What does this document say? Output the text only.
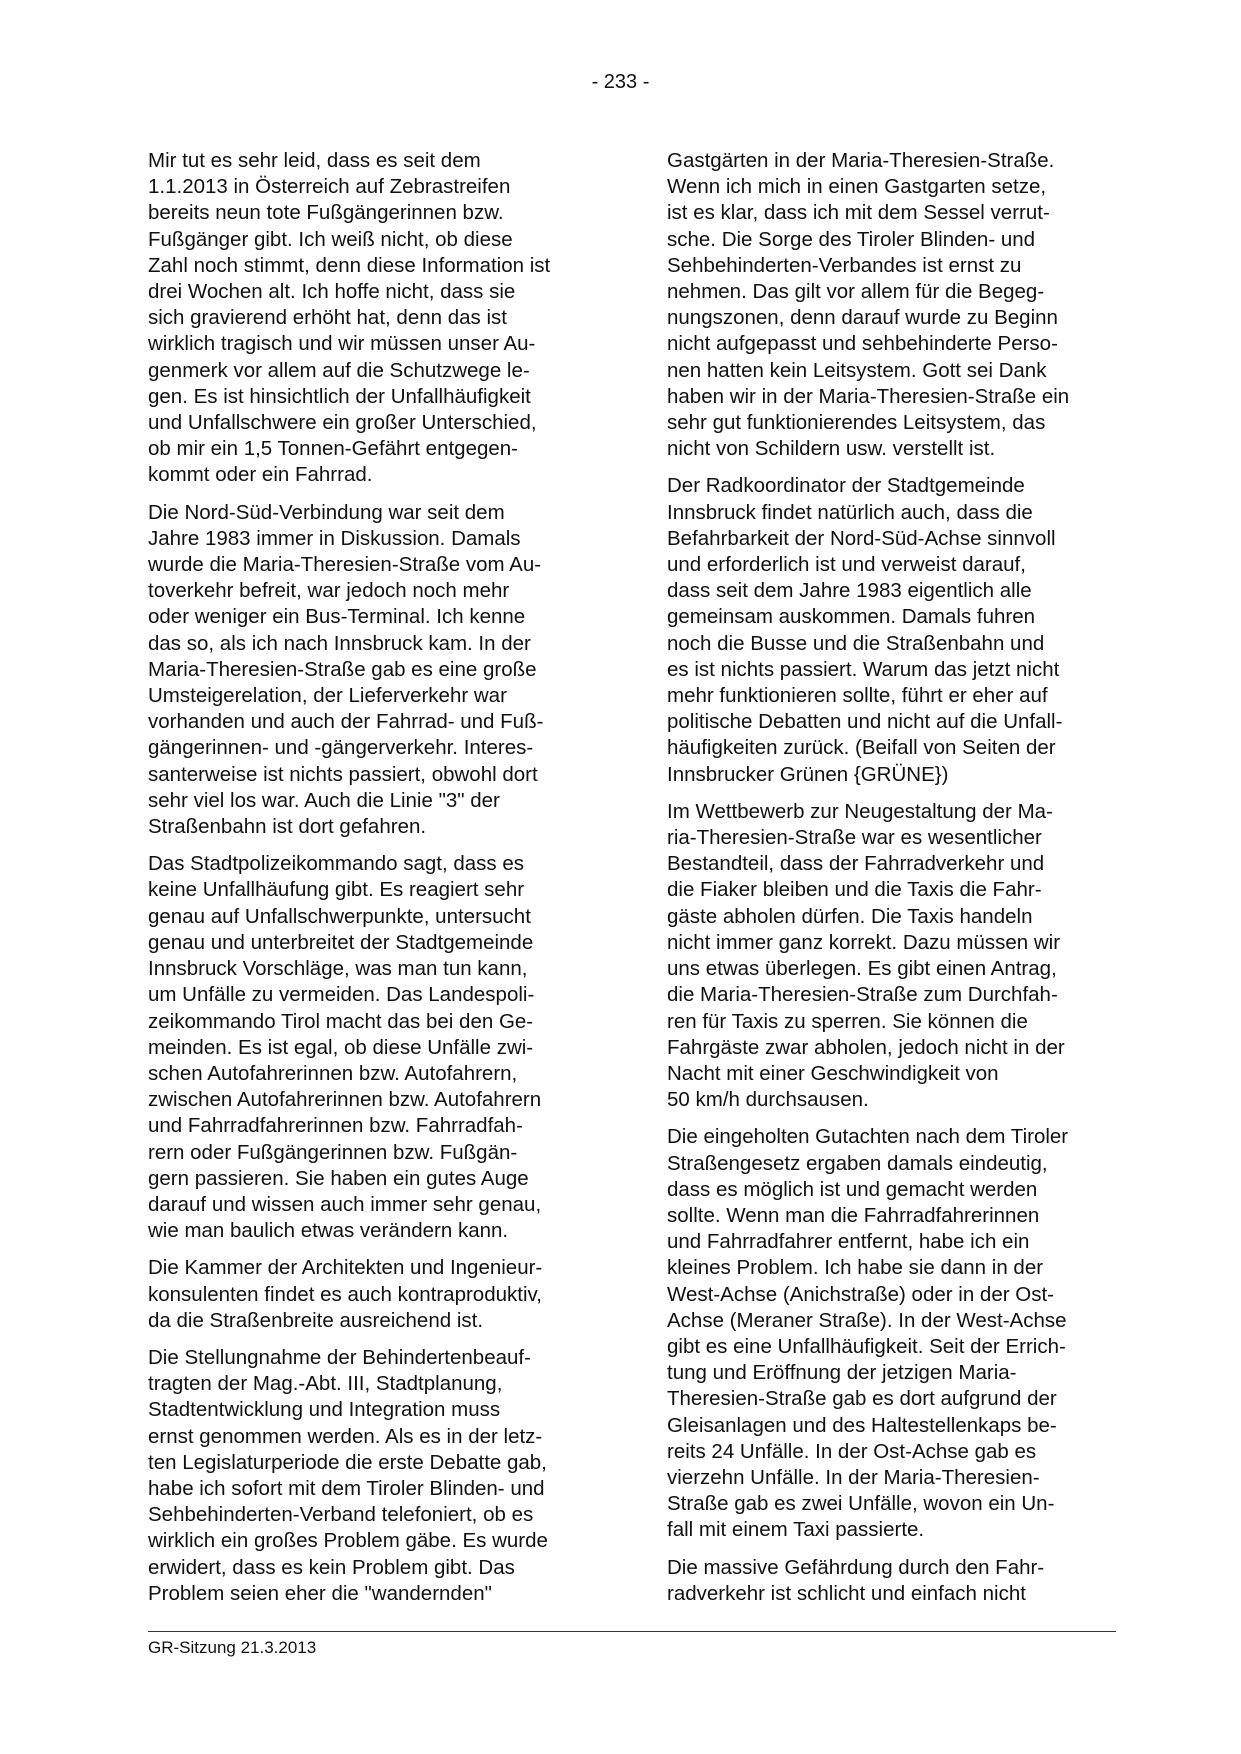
- 233 -

Mir tut es sehr leid, dass es seit dem
1.1.2013 in Österreich auf Zebrastreifen
bereits neun tote Fußgängerinnen bzw.
Fußgänger gibt. Ich weiß nicht, ob diese
Zahl noch stimmt, denn diese Information ist
drei Wochen alt. Ich hoffe nicht, dass sie
sich gravierend erhöht hat, denn das ist
wirklich tragisch und wir müssen unser Au-
genmerk vor allem auf die Schutzwege le-
gen. Es ist hinsichtlich der Unfallhäufigkeit
und Unfallschwere ein großer Unterschied,
ob mir ein 1,5 Tonnen-Gefährt entgegen-
kommt oder ein Fahrrad.

Die Nord-Süd-Verbindung war seit dem
Jahre 1983 immer in Diskussion. Damals
wurde die Maria-Theresien-Straße vom Au-
toverkehr befreit, war jedoch noch mehr
oder weniger ein Bus-Terminal. Ich kenne
das so, als ich nach Innsbruck kam. In der
Maria-Theresien-Straße gab es eine große
Umsteigerelation, der Lieferverkehr war
vorhanden und auch der Fahrrad- und Fuß-
gängerinnen- und -gängerverkehr. Interes-
santerweise ist nichts passiert, obwohl dort
sehr viel los war. Auch die Linie "3" der
Straßenbahn ist dort gefahren.

Das Stadtpolizeikommando sagt, dass es
keine Unfallhäufung gibt. Es reagiert sehr
genau auf Unfallschwerpunkte, untersucht
genau und unterbreitet der Stadtgemeinde
Innsbruck Vorschläge, was man tun kann,
um Unfälle zu vermeiden. Das Landespoli-
zeikommando Tirol macht das bei den Ge-
meinden. Es ist egal, ob diese Unfälle zwi-
schen Autofahrerinnen bzw. Autofahrern,
zwischen Autofahrerinnen bzw. Autofahrern
und Fahrradfahrerinnen bzw. Fahrradfah-
rern oder Fußgängerinnen bzw. Fußgän-
gern passieren. Sie haben ein gutes Auge
darauf und wissen auch immer sehr genau,
wie man baulich etwas verändern kann.

Die Kammer der Architekten und Ingenieur-
konsulenten findet es auch kontraproduktiv,
da die Straßenbreite ausreichend ist.

Die Stellungnahme der Behindertenbeauf-
tragten der Mag.-Abt. III, Stadtplanung,
Stadtentwicklung und Integration muss
ernst genommen werden. Als es in der letz-
ten Legislaturperiode die erste Debatte gab,
habe ich sofort mit dem Tiroler Blinden- und
Sehbehinderten-Verband telefoniert, ob es
wirklich ein großes Problem gäbe. Es wurde
erwidert, dass es kein Problem gibt. Das
Problem seien eher die "wandernden"

Gastgärten in der Maria-Theresien-Straße.
Wenn ich mich in einen Gastgarten setze,
ist es klar, dass ich mit dem Sessel verrut-
sche. Die Sorge des Tiroler Blinden- und
Sehbehinderten-Verbandes ist ernst zu
nehmen. Das gilt vor allem für die Begeg-
nungszonen, denn darauf wurde zu Beginn
nicht aufgepasst und sehbehinderte Perso-
nen hatten kein Leitsystem. Gott sei Dank
haben wir in der Maria-Theresien-Straße ein
sehr gut funktionierendes Leitsystem, das
nicht von Schildern usw. verstellt ist.

Der Radkoordinator der Stadtgemeinde
Innsbruck findet natürlich auch, dass die
Befahrbarkeit der Nord-Süd-Achse sinnvoll
und erforderlich ist und verweist darauf,
dass seit dem Jahre 1983 eigentlich alle
gemeinsam auskommen. Damals fuhren
noch die Busse und die Straßenbahn und
es ist nichts passiert. Warum das jetzt nicht
mehr funktionieren sollte, führt er eher auf
politische Debatten und nicht auf die Unfall-
häufigkeiten zurück. (Beifall von Seiten der
Innsbrucker Grünen {GRÜNE})

Im Wettbewerb zur Neugestaltung der Ma-
ria-Theresien-Straße war es wesentlicher
Bestandteil, dass der Fahrradverkehr und
die Fiaker bleiben und die Taxis die Fahr-
gäste abholen dürfen. Die Taxis handeln
nicht immer ganz korrekt. Dazu müssen wir
uns etwas überlegen. Es gibt einen Antrag,
die Maria-Theresien-Straße zum Durchfah-
ren für Taxis zu sperren. Sie können die
Fahrgäste zwar abholen, jedoch nicht in der
Nacht mit einer Geschwindigkeit von
50 km/h durchsausen.

Die eingeholten Gutachten nach dem Tiroler
Straßengesetz ergaben damals eindeutig,
dass es möglich ist und gemacht werden
sollte. Wenn man die Fahrradfahrerinnen
und Fahrradfahrer entfernt, habe ich ein
kleines Problem. Ich habe sie dann in der
West-Achse (Anichstraße) oder in der Ost-
Achse (Meraner Straße). In der West-Achse
gibt es eine Unfallhäufigkeit. Seit der Errich-
tung und Eröffnung der jetzigen Maria-
Theresien-Straße gab es dort aufgrund der
Gleisanlagen und des Haltestellenkaps be-
reits 24 Unfälle. In der Ost-Achse gab es
vierzehn Unfälle. In der Maria-Theresien-
Straße gab es zwei Unfälle, wovon ein Un-
fall mit einem Taxi passierte.

Die massive Gefährdung durch den Fahr-
radverkehr ist schlicht und einfach nicht

GR-Sitzung 21.3.2013
